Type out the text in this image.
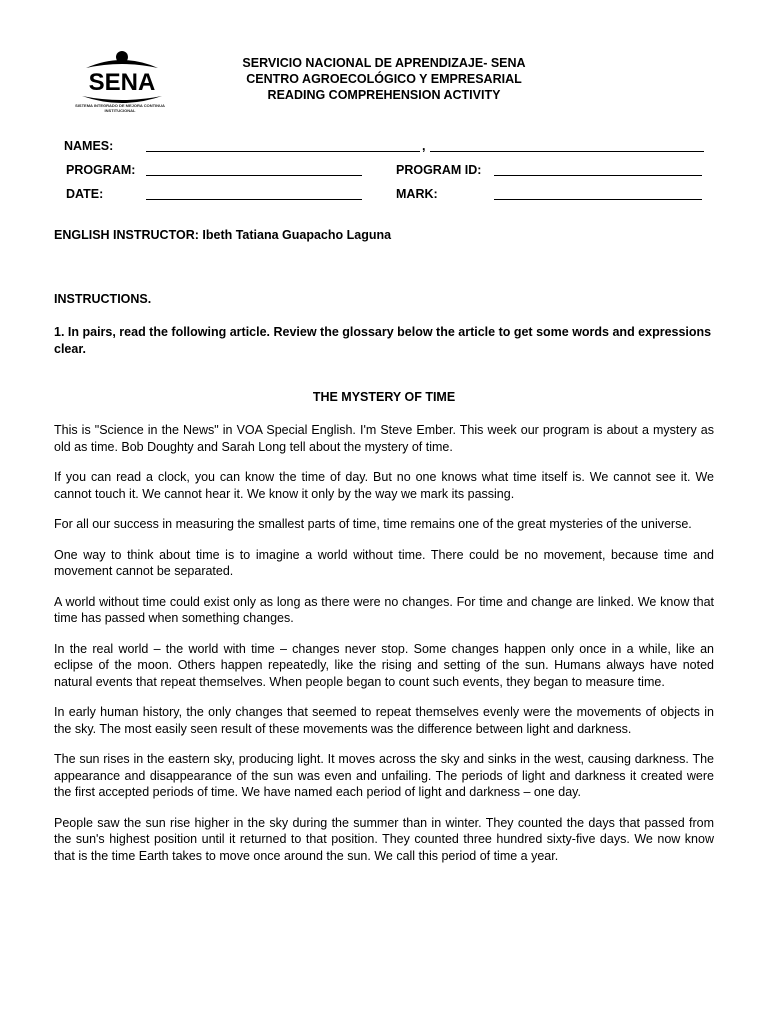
SENA
SISTEMA INTEGRADO DE MEJORA CONTINUA INSTITUCIONAL
SERVICIO NACIONAL DE APRENDIZAJE- SENA
CENTRO AGROECOLÓGICO Y EMPRESARIAL
READING COMPREHENSION ACTIVITY
NAMES:	,
PROGRAM:	PROGRAM ID:
DATE:	MARK:
ENGLISH INSTRUCTOR: Ibeth Tatiana Guapacho Laguna
INSTRUCTIONS.
1. In pairs, read the following article. Review the glossary below the article to get some words and expressions clear.
THE MYSTERY OF TIME

This is "Science in the News" in VOA Special English. I'm Steve Ember. This week our program is about a mystery as old as time. Bob Doughty and Sarah Long tell about the mystery of time.

If you can read a clock, you can know the time of day. But no one knows what time itself is. We cannot see it. We cannot touch it. We cannot hear it. We know it only by the way we mark its passing.

For all our success in measuring the smallest parts of time, time remains one of the great mysteries of the universe.

One way to think about time is to imagine a world without time. There could be no movement, because time and movement cannot be separated.

A world without time could exist only as long as there were no changes. For time and change are linked. We know that time has passed when something changes.

In the real world – the world with time – changes never stop. Some changes happen only once in a while, like an eclipse of the moon. Others happen repeatedly, like the rising and setting of the sun. Humans always have noted natural events that repeat themselves. When people began to count such events, they began to measure time.

In early human history, the only changes that seemed to repeat themselves evenly were the movements of objects in the sky. The most easily seen result of these movements was the difference between light and darkness.

The sun rises in the eastern sky, producing light. It moves across the sky and sinks in the west, causing darkness. The appearance and disappearance of the sun was even and unfailing. The periods of light and darkness it created were the first accepted periods of time. We have named each period of light and darkness – one day.

People saw the sun rise higher in the sky during the summer than in winter. They counted the days that passed from the sun's highest position until it returned to that position. They counted three hundred sixty-five days. We now know that is the time Earth takes to move once around the sun. We call this period of time a year.
